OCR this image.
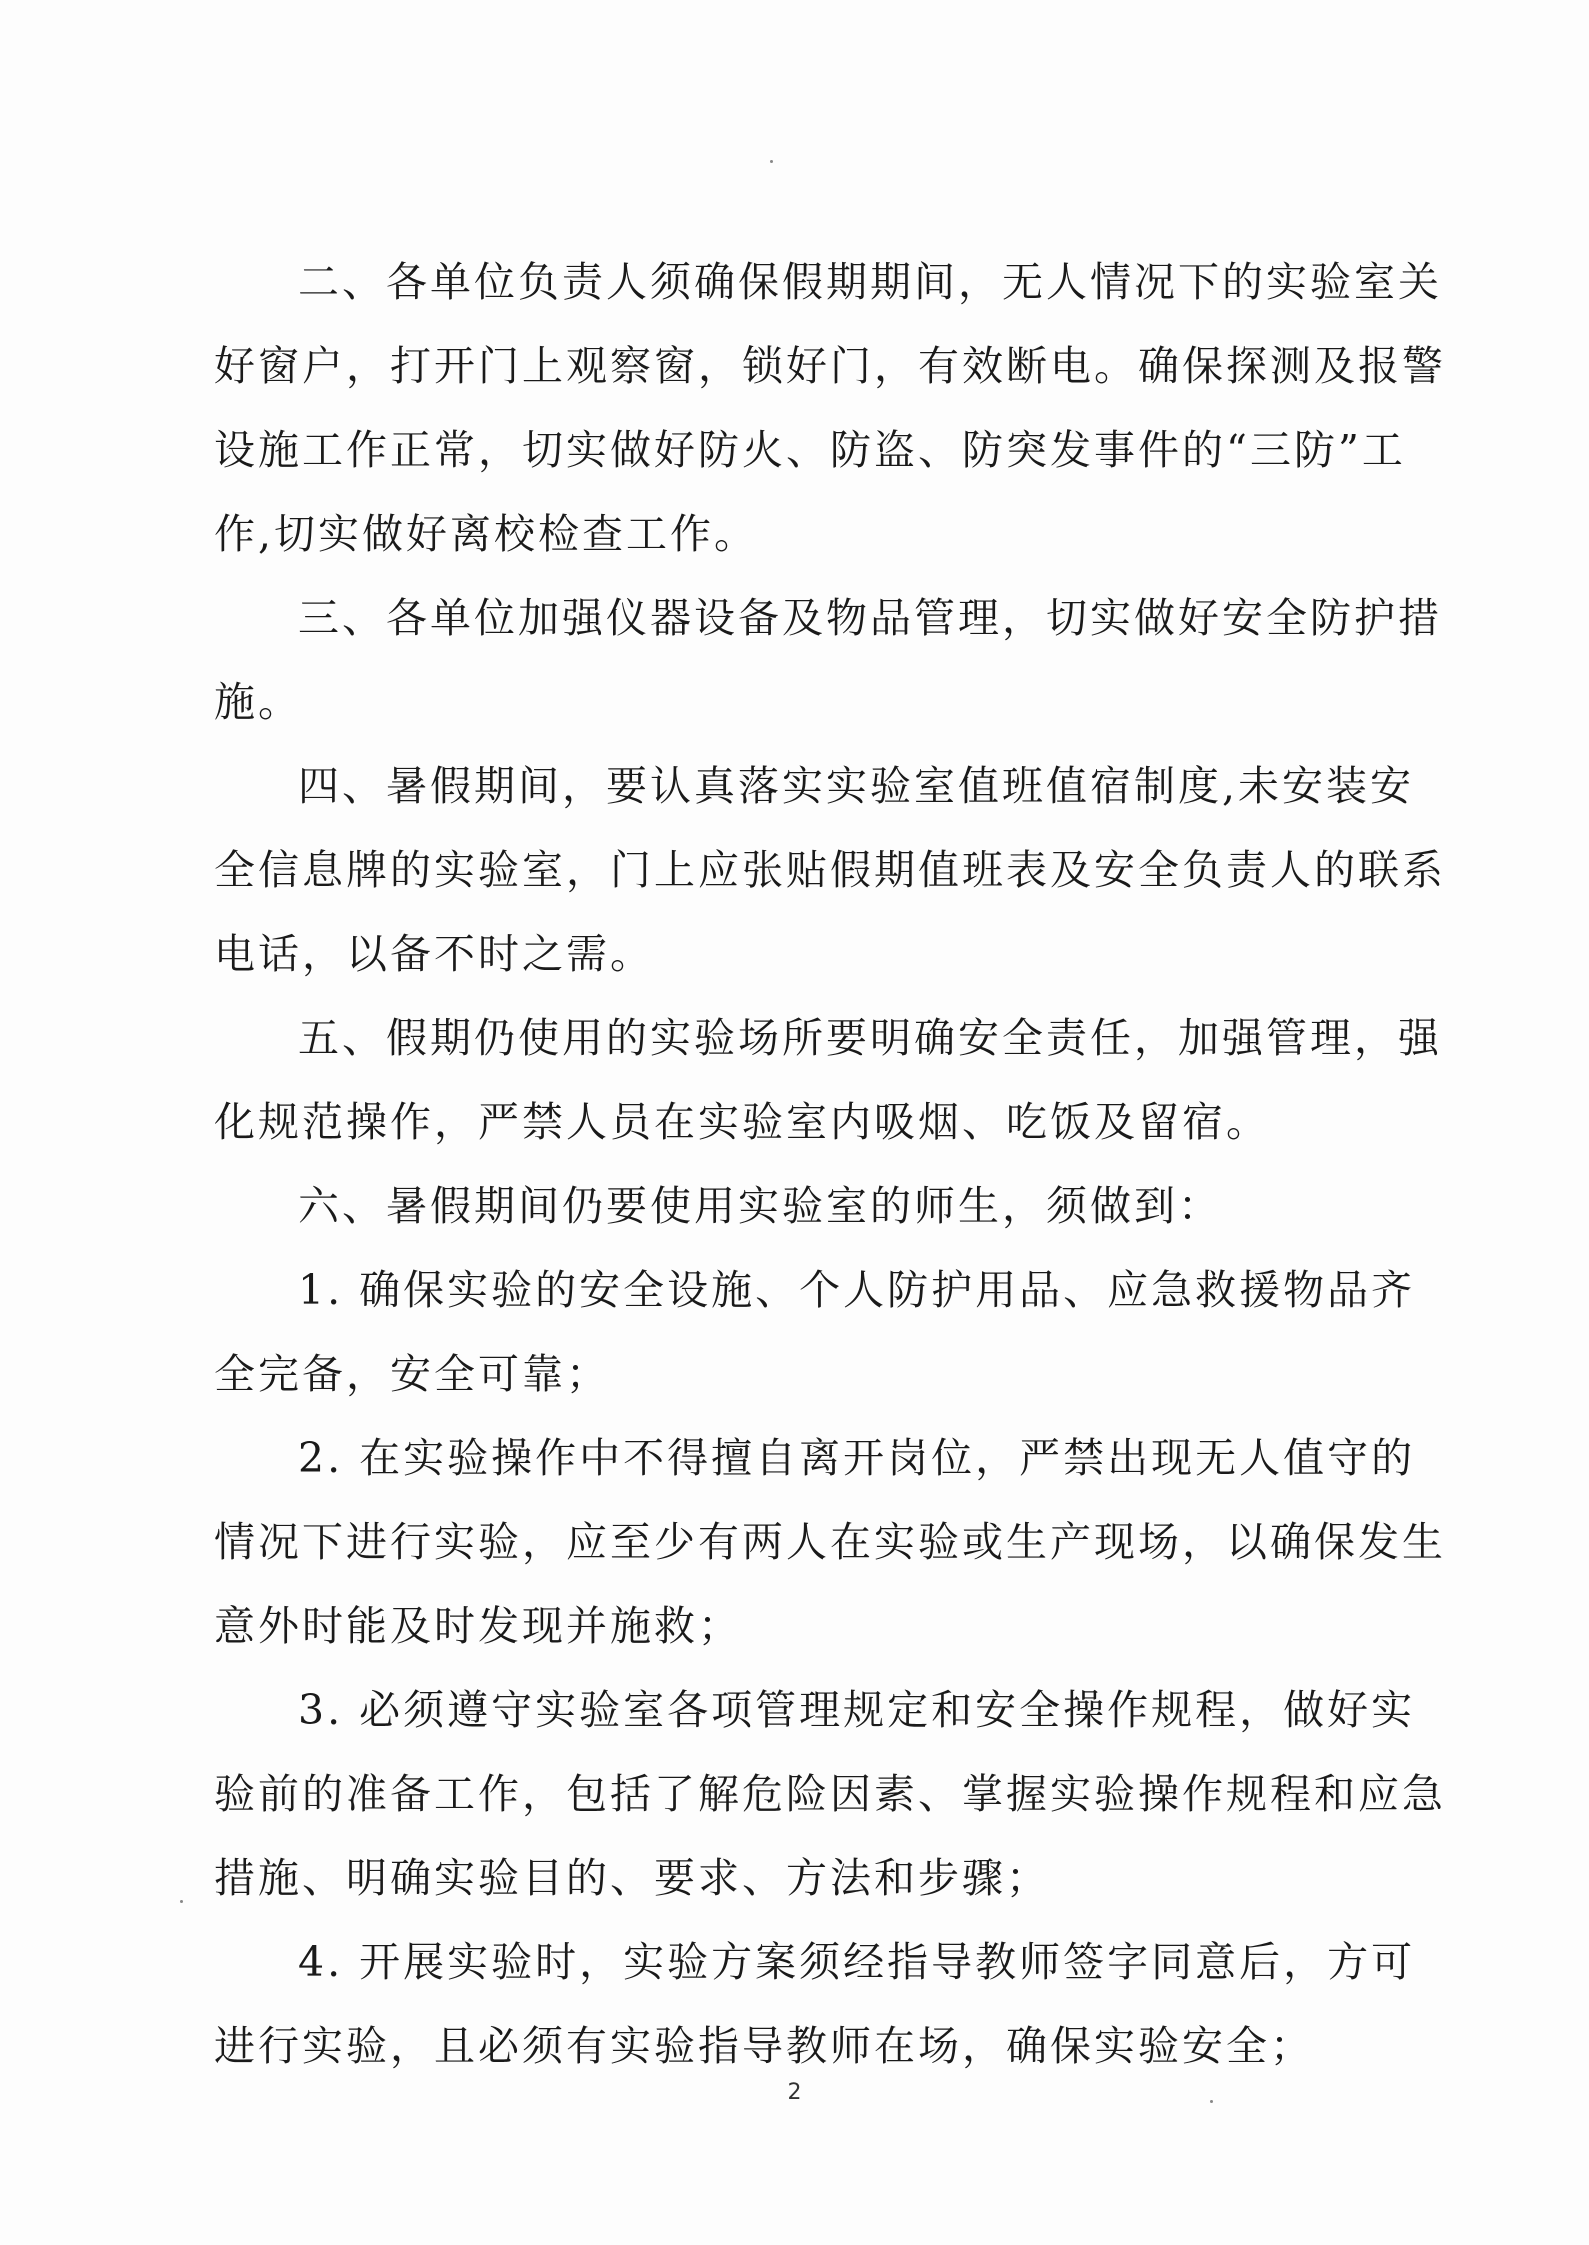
二、各单位负责人须确保假期期间，无人情况下的实验室关
好窗户，打开门上观察窗，锁好门，有效断电。确保探测及报警
设施工作正常，切实做好防火、防盗、防突发事件的“三防”工
作,切实做好离校检查工作。
三、各单位加强仪器设备及物品管理，切实做好安全防护措
施。
四、暑假期间，要认真落实实验室值班值宿制度,未安装安
全信息牌的实验室，门上应张贴假期值班表及安全负责人的联系
电话，以备不时之需。
五、假期仍使用的实验场所要明确安全责任，加强管理，强
化规范操作，严禁人员在实验室内吸烟、吃饭及留宿。
六、暑假期间仍要使用实验室的师生，须做到：
1. 确保实验的安全设施、个人防护用品、应急救援物品齐
全完备，安全可靠；
2. 在实验操作中不得擅自离开岗位，严禁出现无人值守的
情况下进行实验，应至少有两人在实验或生产现场，以确保发生
意外时能及时发现并施救；
3. 必须遵守实验室各项管理规定和安全操作规程，做好实
验前的准备工作，包括了解危险因素、掌握实验操作规程和应急
措施、明确实验目的、要求、方法和步骤；
4. 开展实验时，实验方案须经指导教师签字同意后，方可
进行实验，且必须有实验指导教师在场，确保实验安全；
2
